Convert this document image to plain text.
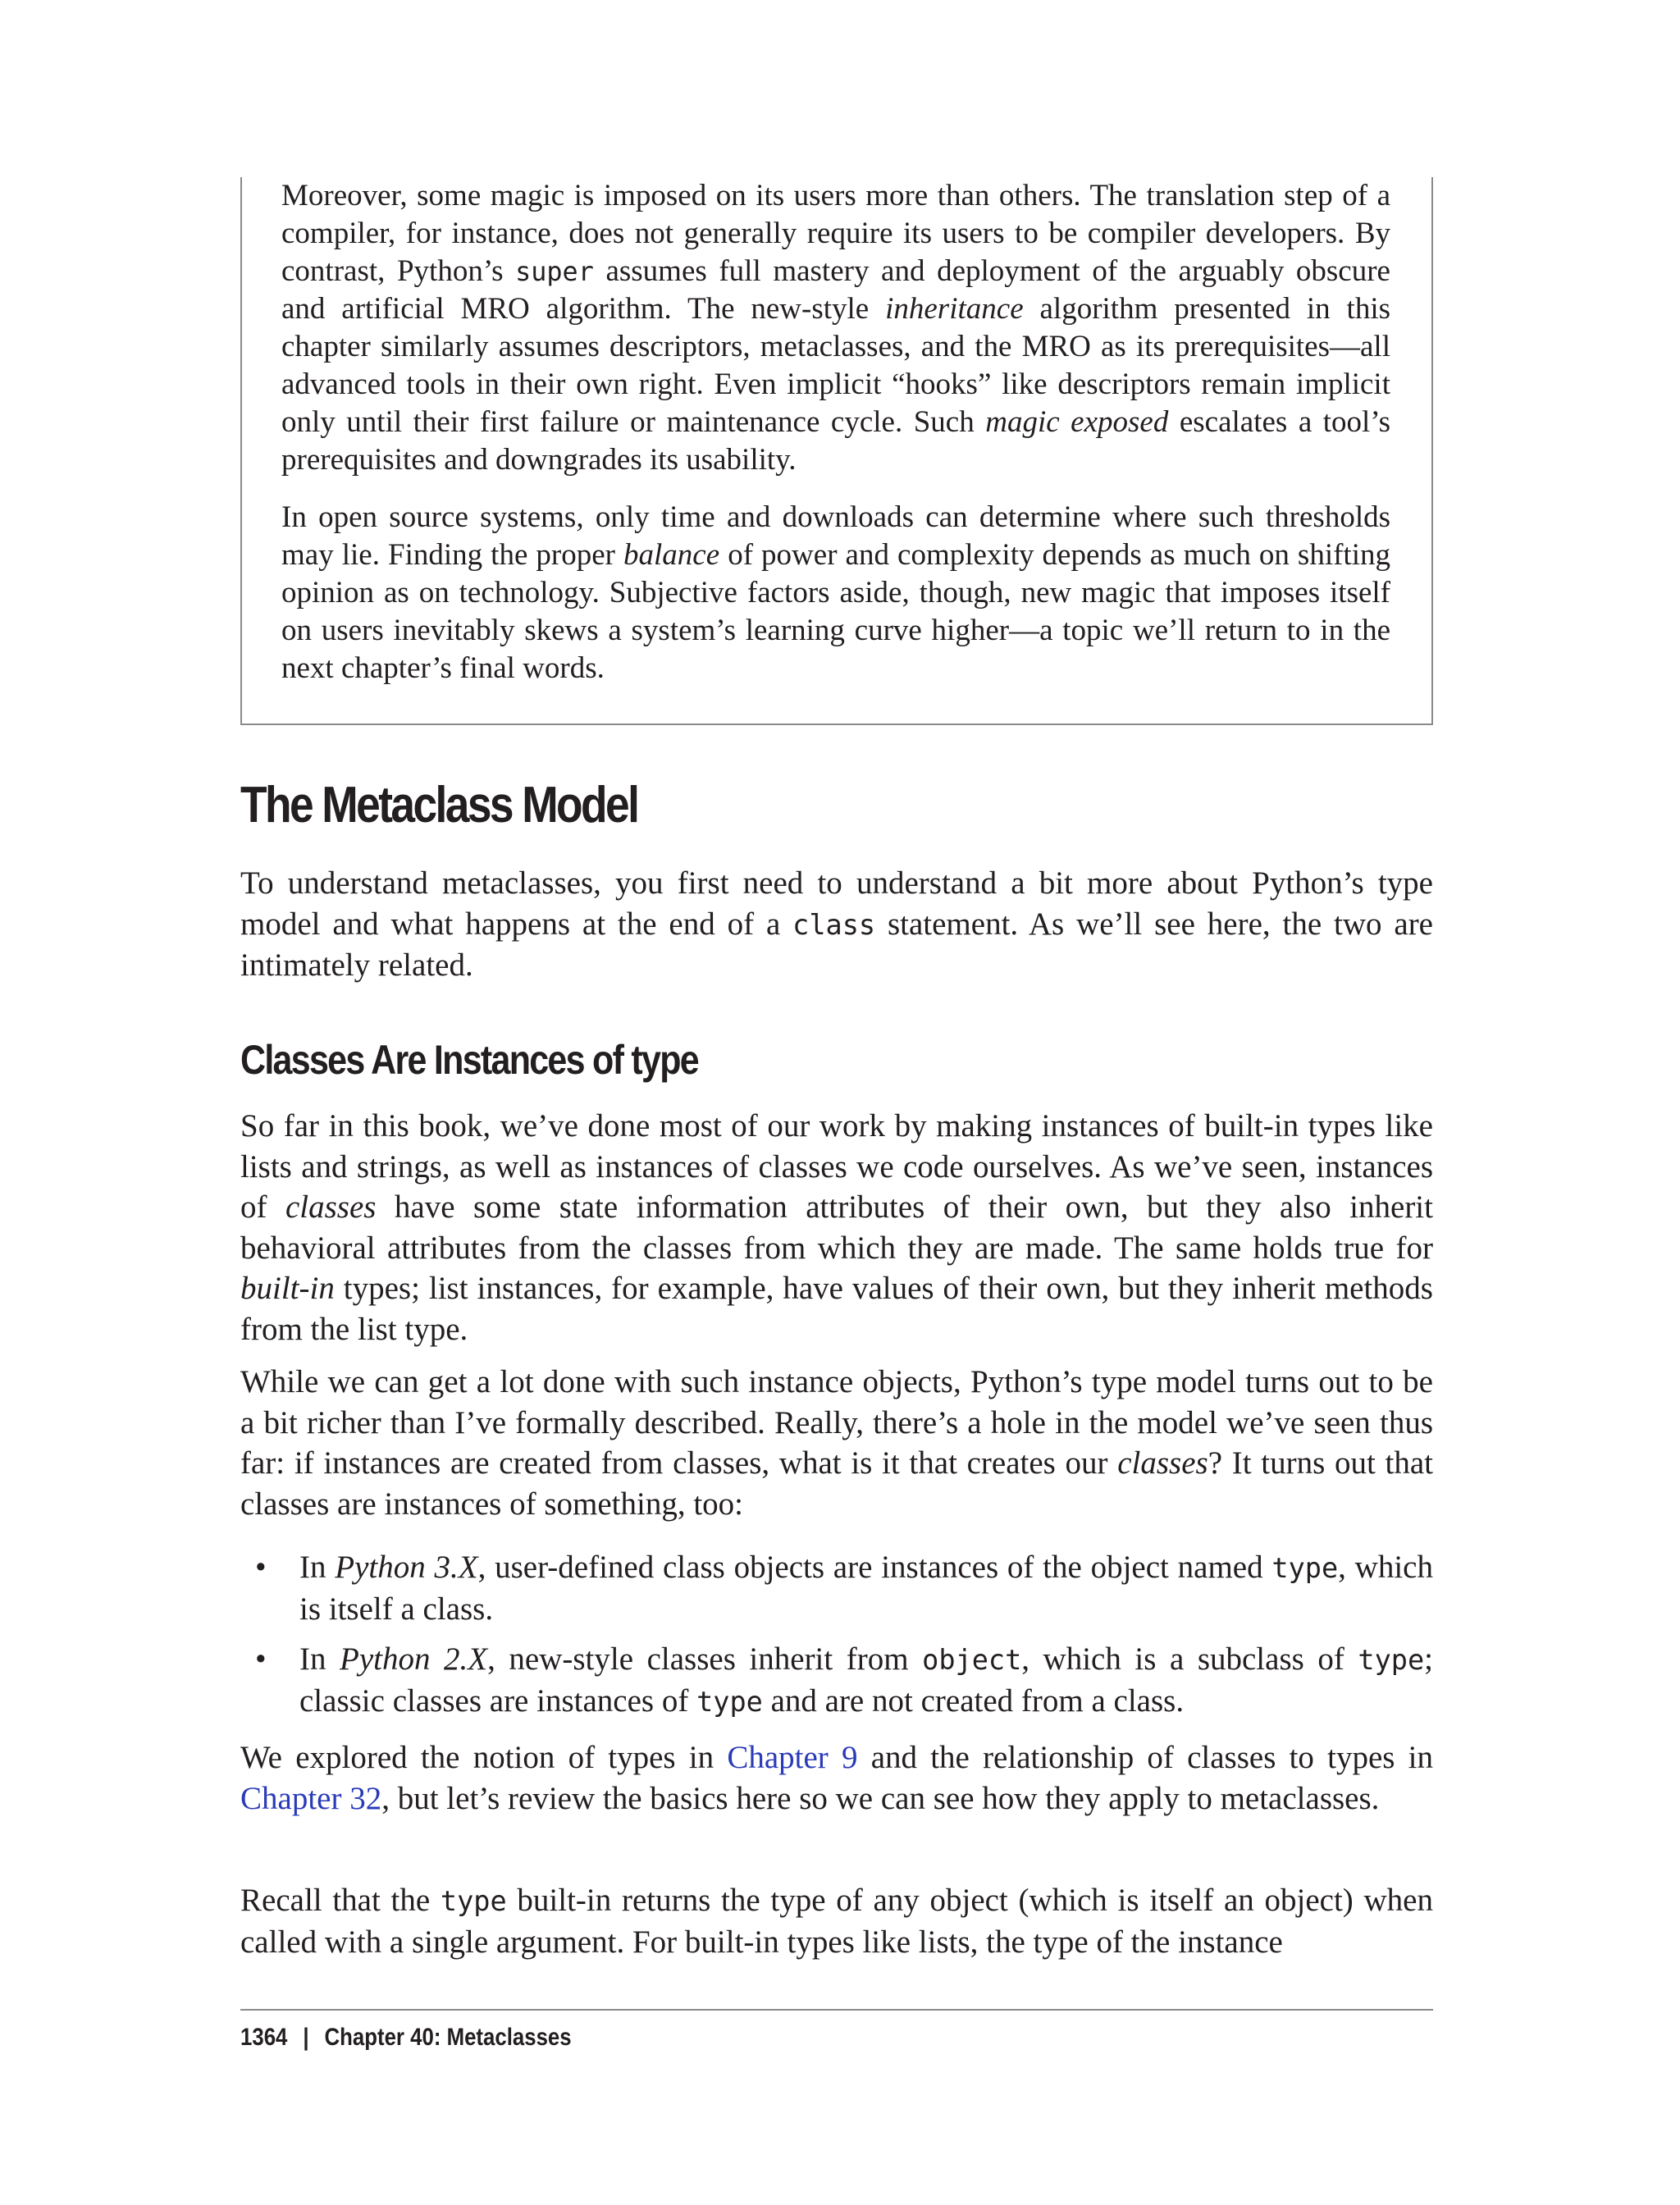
Moreover, some magic is imposed on its users more than others. The translation step of a compiler, for instance, does not generally require its users to be compiler developers. By contrast, Python’s super assumes full mastery and deployment of the arguably obscure and artificial MRO algorithm. The new-style inheritance algorithm presented in this chapter similarly assumes descriptors, metaclasses, and the MRO as its prerequisites—all advanced tools in their own right. Even implicit “hooks” like descriptors remain implicit only until their first failure or maintenance cycle. Such magic exposed escalates a tool’s prerequisites and downgrades its usability.

In open source systems, only time and downloads can determine where such thresholds may lie. Finding the proper balance of power and complexity depends as much on shifting opinion as on technology. Subjective factors aside, though, new magic that imposes itself on users inevitably skews a system’s learning curve higher—a topic we’ll return to in the next chapter’s final words.

The Metaclass Model

To understand metaclasses, you first need to understand a bit more about Python’s type model and what happens at the end of a class statement. As we’ll see here, the two are intimately related.

Classes Are Instances of type

So far in this book, we’ve done most of our work by making instances of built-in types like lists and strings, as well as instances of classes we code ourselves. As we’ve seen, instances of classes have some state information attributes of their own, but they also inherit behavioral attributes from the classes from which they are made. The same holds true for built-in types; list instances, for example, have values of their own, but they inherit methods from the list type.

While we can get a lot done with such instance objects, Python’s type model turns out to be a bit richer than I’ve formally described. Really, there’s a hole in the model we’ve seen thus far: if instances are created from classes, what is it that creates our classes? It turns out that classes are instances of something, too:

• In Python 3.X, user-defined class objects are instances of the object named type, which is itself a class.
• In Python 2.X, new-style classes inherit from object, which is a subclass of type; classic classes are instances of type and are not created from a class.

We explored the notion of types in Chapter 9 and the relationship of classes to types in Chapter 32, but let’s review the basics here so we can see how they apply to metaclasses.

Recall that the type built-in returns the type of any object (which is itself an object) when called with a single argument. For built-in types like lists, the type of the instance

1364 | Chapter 40: Metaclasses
